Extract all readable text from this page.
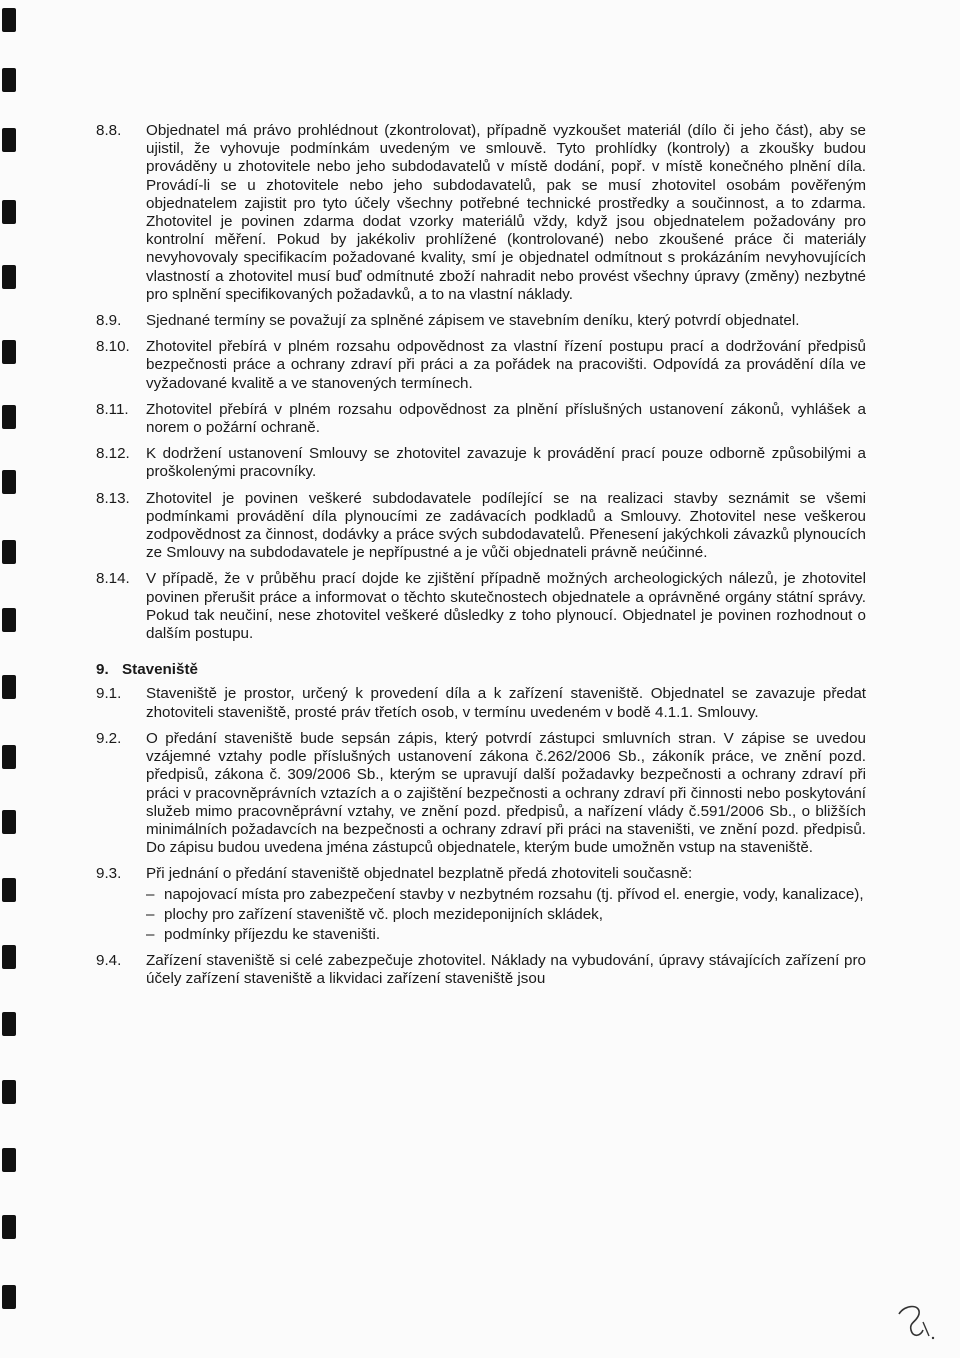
8.8.	Objednatel má právo prohlédnout (zkontrolovat), případně vyzkoušet materiál (dílo či jeho část), aby se ujistil, že vyhovuje podmínkám uvedeným ve smlouvě. Tyto prohlídky (kontroly) a zkoušky budou prováděny u zhotovitele nebo jeho subdodavatelů v místě dodání, popř. v místě konečného plnění díla. Provádí-li se u zhotovitele nebo jeho subdodavatelů, pak se musí zhotovitel osobám pověřeným objednatelem zajistit pro tyto účely všechny potřebné technické prostředky a součinnost, a to zdarma. Zhotovitel je povinen zdarma dodat vzorky materiálů vždy, když jsou objednatelem požadovány pro kontrolní měření. Pokud by jakékoliv prohlížené (kontrolované) nebo zkoušené práce či materiály nevyhovovaly specifikacím požadované kvality, smí je objednatel odmítnout s prokázáním nevyhovujících vlastností a zhotovitel musí buď odmítnuté zboží nahradit nebo provést všechny úpravy (změny) nezbytné pro splnění specifikovaných požadavků, a to na vlastní náklady.
8.9.	Sjednané termíny se považují za splněné zápisem ve stavebním deníku, který potvrdí objednatel.
8.10.	Zhotovitel přebírá v plném rozsahu odpovědnost za vlastní řízení postupu prací a dodržování předpisů bezpečnosti práce a ochrany zdraví při práci a za pořádek na pracovišti. Odpovídá za provádění díla ve vyžadované kvalitě a ve stanovených termínech.
8.11.	Zhotovitel přebírá v plném rozsahu odpovědnost za plnění příslušných ustanovení zákonů, vyhlášek a norem o požární ochraně.
8.12.	K dodržení ustanovení Smlouvy se zhotovitel zavazuje k provádění prací pouze odborně způsobilými a proškolenými pracovníky.
8.13.	Zhotovitel je povinen veškeré subdodavatele podílející se na realizaci stavby seznámit se všemi podmínkami provádění díla plynoucími ze zadávacích podkladů a Smlouvy. Zhotovitel nese veškerou zodpovědnost za činnost, dodávky a práce svých subdodavatelů. Přenesení jakýchkoli závazků plynoucích ze Smlouvy na subdodavatele je nepřípustné a je vůči objednateli právně neúčinné.
8.14.	V případě, že v průběhu prací dojde ke zjištění případně možných archeologických nálezů, je zhotovitel povinen přerušit práce a informovat o těchto skutečnostech objednatele a oprávněné orgány státní správy. Pokud tak neučiní, nese zhotovitel veškeré důsledky z toho plynoucí. Objednatel je povinen rozhodnout o dalším postupu.
9. Staveniště
9.1.	Staveniště je prostor, určený k provedení díla a k zařízení staveniště. Objednatel se zavazuje předat zhotoviteli staveniště, prosté práv třetích osob, v termínu uvedeném v bodě 4.1.1. Smlouvy.
9.2.	O předání staveniště bude sepsán zápis, který potvrdí zástupci smluvních stran. V zápise se uvedou vzájemné vztahy podle příslušných ustanovení zákona č.262/2006 Sb., zákoník práce, ve znění pozd. předpisů, zákona č. 309/2006 Sb., kterým se upravují další požadavky bezpečnosti a ochrany zdraví při práci v pracovněprávních vztazích a o zajištění bezpečnosti a ochrany zdraví při činnosti nebo poskytování služeb mimo pracovněprávní vztahy, ve znění pozd. předpisů, a nařízení vlády č.591/2006 Sb., o bližších minimálních požadavcích na bezpečnosti a ochrany zdraví při práci na staveništi, ve znění pozd. předpisů. Do zápisu budou uvedena jména zástupců objednatele, kterým bude umožněn vstup na staveniště.
9.3.	Při jednání o předání staveniště objednatel bezplatně předá zhotoviteli současně:
– napojovací místa pro zabezpečení stavby v nezbytném rozsahu (tj. přívod el. energie, vody, kanalizace),
– plochy pro zařízení staveniště vč. ploch mezideponijních skládek,
– podmínky příjezdu ke staveništi.
9.4.	Zařízení staveniště si celé zabezpečuje zhotovitel. Náklady na vybudování, úpravy stávajících zařízení pro účely zařízení staveniště a likvidaci zařízení staveniště jsou
